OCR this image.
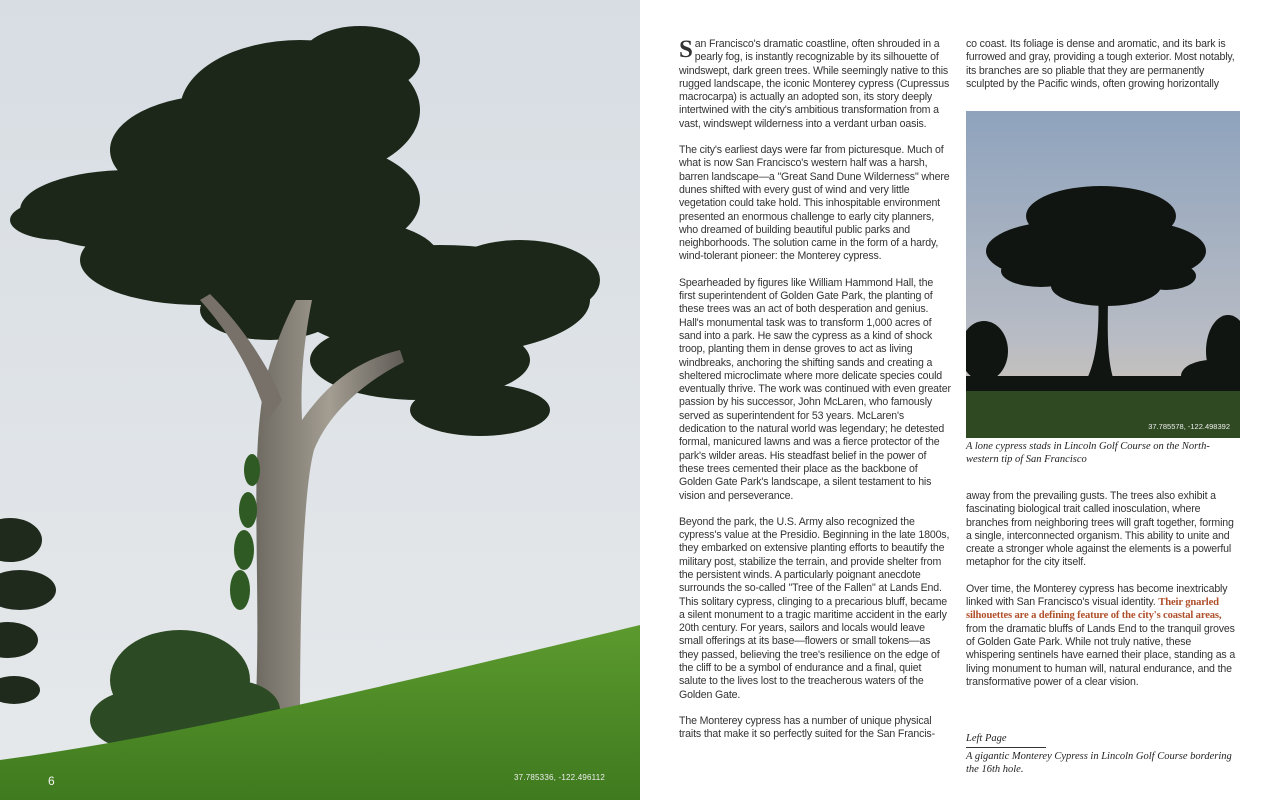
6	37.785336, -122.496112

San Francisco's dramatic coastline, often shrouded in a pearly fog, is instantly recognizable by its silhouette of windswept, dark green trees. While seemingly native to this rugged landscape, the iconic Monterey cypress (Cupressus macrocarpa) is actually an adopted son, its story deeply intertwined with the city's ambitious transformation from a vast, windswept wilderness into a verdant urban oasis.

The city's earliest days were far from picturesque. Much of what is now San Francisco's western half was a harsh, barren landscape—a "Great Sand Dune Wilderness" where dunes shifted with every gust of wind and very little vegetation could take hold. This inhospitable environment presented an enormous challenge to early city planners, who dreamed of building beautiful public parks and neighborhoods. The solution came in the form of a hardy, wind-tolerant pioneer: the Monterey cypress.

Spearheaded by figures like William Hammond Hall, the first superintendent of Golden Gate Park, the planting of these trees was an act of both desperation and genius. Hall's monumental task was to transform 1,000 acres of sand into a park. He saw the cypress as a kind of shock troop, planting them in dense groves to act as living windbreaks, anchoring the shifting sands and creating a sheltered microclimate where more delicate species could eventually thrive. The work was continued with even greater passion by his successor, John McLaren, who famously served as superintendent for 53 years. McLaren's dedication to the natural world was legendary; he detested formal, manicured lawns and was a fierce protector of the park's wilder areas. His steadfast belief in the power of these trees cemented their place as the backbone of Golden Gate Park's landscape, a silent testament to his vision and perseverance.

Beyond the park, the U.S. Army also recognized the cypress's value at the Presidio. Beginning in the late 1800s, they embarked on extensive planting efforts to beautify the military post, stabilize the terrain, and provide shelter from the persistent winds. A particularly poignant anecdote surrounds the so-called "Tree of the Fallen" at Lands End. This solitary cypress, clinging to a precarious bluff, became a silent monument to a tragic maritime accident in the early 20th century. For years, sailors and locals would leave small offerings at its base—flowers or small tokens—as they passed, believing the tree's resilience on the edge of the cliff to be a symbol of endurance and a final, quiet salute to the lives lost to the treacherous waters of the Golden Gate.

The Monterey cypress has a number of unique physical traits that make it so perfectly suited for the San Francis-

co coast. Its foliage is dense and aromatic, and its bark is furrowed and gray, providing a tough exterior. Most notably, its branches are so pliable that they are permanently sculpted by the Pacific winds, often growing horizontally

37.785578, -122.498392
A lone cypress stads in Lincoln Golf Course on the North-western tip of San Francisco

away from the prevailing gusts. The trees also exhibit a fascinating biological trait called inosculation, where branches from neighboring trees will graft together, forming a single, interconnected organism. This ability to unite and create a stronger whole against the elements is a powerful metaphor for the city itself.

Over time, the Monterey cypress has become inextricably linked with San Francisco's visual identity. Their gnarled silhouettes are a defining feature of the city's coastal areas, from the dramatic bluffs of Lands End to the tranquil groves of Golden Gate Park. While not truly native, these whispering sentinels have earned their place, standing as a living monument to human will, natural endurance, and the transformative power of a clear vision.

Left Page
A gigantic Monterey Cypress in Lincoln Golf Course bordering the 16th hole.
